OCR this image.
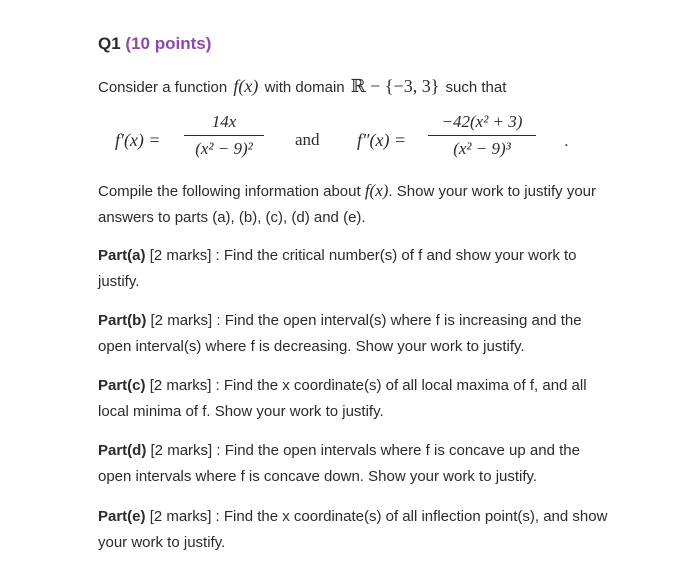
Q1 (10 points)
Consider a function f(x) with domain ℝ − {−3, 3} such that
$f'(x) = \frac{14x}{\text{(x² − 9)²}}$ and $f''(x) = \frac{\text{−42(x² + 3)}}{\text{(x² − 9)³}}$ .
Compile the following information about f(x). Show your work to justify your answers to parts (a), (b), (c), (d) and (e).
Part(a) [2 marks] : Find the critical number(s) of f and show your work to justify.
Part(b) [2 marks] : Find the open interval(s) where f is increasing and the open interval(s) where f is decreasing. Show your work to justify.
Part(c) [2 marks] : Find the x coordinate(s) of all local maxima of f, and all local minima of f. Show your work to justify.
Part(d) [2 marks] : Find the open intervals where f is concave up and the open intervals where f is concave down. Show your work to justify.
Part(e) [2 marks] : Find the x coordinate(s) of all inflection point(s), and show your work to justify.
